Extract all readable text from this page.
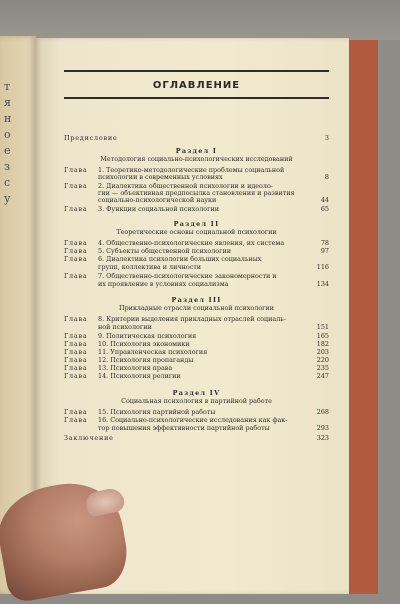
т
я
н
о
е
з
с
у
ОГЛАВЛЕНИЕ
Предисловие	3
Раздел I
Методология социально-психологических исследований
Глава 1. Теоретико-методологические проблемы социальной
психологии в современных условиях	8
Глава 2. Диалектика общественной психологии и идеоло-
гии — объективная предпосылка становления и развития
социально-психологической науки	44
Глава 3. Функции социальной психологии	65
Раздел II
Теоретические основы социальной психологии
Глава 4. Общественно-психологические явления, их система	78
Глава 5. Субъекты общественной психологии	97
Глава 6. Диалектика психологии больших социальных
групп, коллектива и личности	116
Глава 7. Общественно-психологические закономерности и
их проявление в условиях социализма	134
Раздел III
Прикладные отрасли социальной психологии
Глава 8. Критерии выделения прикладных отраслей социаль-
ной психологии	151
Глава 9. Политическая психология	165
Глава 10. Психология экономики	182
Глава 11. Управленческая психология	203
Глава 12. Психология пропаганды	220
Глава 13. Психология права	235
Глава 14. Психология религии	247
Раздел IV
Социальная психология в партийной работе
Глава 15. Психология партийной работы	268
Глава 16. Социально-психологические исследования как фак-
тор повышения эффективности партийной работы	293
Заключение	323
